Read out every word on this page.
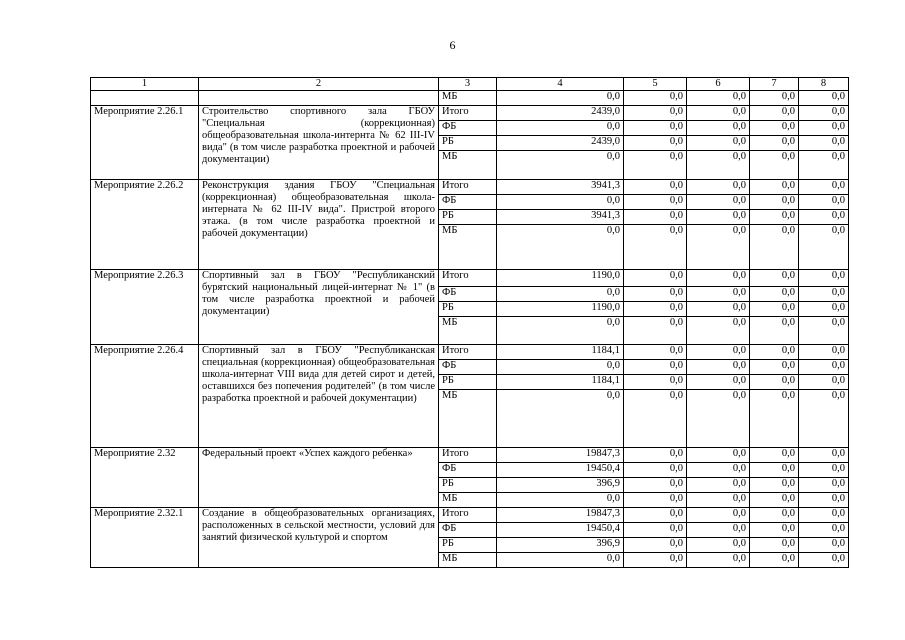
6
1	2	3	4	5	6	7	8
		МБ	0,0	0,0	0,0	0,0	0,0
Мероприятие 2.26.1	Строительство спортивного зала ГБОУ "Специальная (коррекционная) общеобразовательная школа-интернта № 62 III-IV вида" (в том числе разработка проектной и рабочей документации)	Итого	2439,0	0,0	0,0	0,0	0,0
		ФБ	0,0	0,0	0,0	0,0	0,0
		РБ	2439,0	0,0	0,0	0,0	0,0
		МБ	0,0	0,0	0,0	0,0	0,0
Мероприятие 2.26.2	Реконструкция здания ГБОУ "Специальная (коррекционная) общеобразовательная школа-интерната № 62 III-IV вида". Пристрой второго этажа. (в том числе разработка проектной и рабочей документации)	Итого	3941,3	0,0	0,0	0,0	0,0
		ФБ	0,0	0,0	0,0	0,0	0,0
		РБ	3941,3	0,0	0,0	0,0	0,0
		МБ	0,0	0,0	0,0	0,0	0,0
Мероприятие 2.26.3	Спортивный зал в ГБОУ "Республиканский бурятский национальный лицей-интернат № 1" (в том числе разработка проектной и рабочей документации)	Итого	1190,0	0,0	0,0	0,0	0,0
		ФБ	0,0	0,0	0,0	0,0	0,0
		РБ	1190,0	0,0	0,0	0,0	0,0
		МБ	0,0	0,0	0,0	0,0	0,0
Мероприятие 2.26.4	Спортивный зал в ГБОУ "Республиканская специальная (коррекционная) общеобразовательная школа-интернат VIII вида для детей сирот и детей, оставшихся без попечения родителей" (в том числе разработка проектной и рабочей документации)	Итого	1184,1	0,0	0,0	0,0	0,0
		ФБ	0,0	0,0	0,0	0,0	0,0
		РБ	1184,1	0,0	0,0	0,0	0,0
		МБ	0,0	0,0	0,0	0,0	0,0
Мероприятие 2.32	Федеральный проект «Успех каждого ребенка»	Итого	19847,3	0,0	0,0	0,0	0,0
		ФБ	19450,4	0,0	0,0	0,0	0,0
		РБ	396,9	0,0	0,0	0,0	0,0
		МБ	0,0	0,0	0,0	0,0	0,0
Мероприятие 2.32.1	Создание в общеобразовательных организациях, расположенных в сельской местности, условий для занятий физической культурой и спортом	Итого	19847,3	0,0	0,0	0,0	0,0
		ФБ	19450,4	0,0	0,0	0,0	0,0
		РБ	396,9	0,0	0,0	0,0	0,0
		МБ	0,0	0,0	0,0	0,0	0,0
